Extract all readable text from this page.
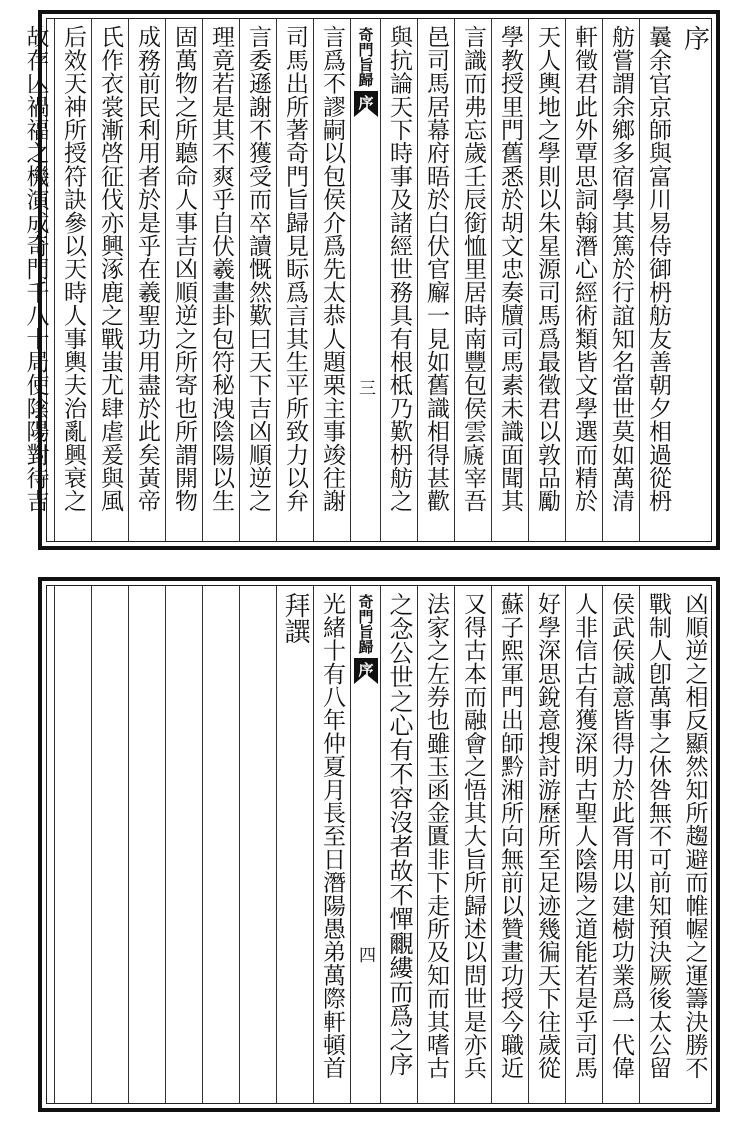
序
曩余官京師與富川易侍御枬舫友善朝夕相過從枬
舫嘗謂余鄉多宿學其篤於行誼知名當世莫如萬清
軒徵君此外覃思詞翰潛心經術類皆文學選而精於
天人輿地之學則以朱星源司馬爲最徵君以敦品勵
學教授里門舊悉於胡文忠奏牘司馬素未識面聞其
言識而弗忘歲壬辰銜恤里居時南豐包侯雲𢊀宰吾
邑司馬居幕府晤於白伏官廨一見如舊識相得甚歡
與抗論天下時事及諸經世務具有根柢乃歎枬舫之
奇門旨歸
序
三
言爲不謬嗣以包侯介爲先太恭人題栗主事竣往謝
司馬出所著奇門旨歸見眎爲言其生平所致力以弁
言委遜謝不獲受而卒讀慨然歎曰天下吉凶順逆之
理竟若是其不爽乎自伏羲畫卦包符秘洩陰陽以生
固萬物之所聽命人事吉凶順逆之所寄也所謂開物
成務前民利用者於是乎在羲聖功用盡於此矣黃帝
氏作衣裳漸啓征伐亦興涿鹿之戰蚩尤肆虐爰與風
后效天神所授符訣參以天時人事輿夫治亂興衰之
故存亾禍福之機演成奇門千八十局使陰陽對待吉
凶順逆之相反顯然知所趨避而帷幄之運籌決勝不
戰制人卽萬事之休咎無不可前知預決厥後太公留
侯武侯誠意皆得力於此胥用以建樹功業爲一代偉
人非信古有獲深明古聖人陰陽之道能若是乎司馬
好學深思銳意搜討游歷所至足迹幾徧天下往歲從
蘇子熙軍門出師黔湘所向無前以贊畫功授今職近
又得古本而融會之悟其大旨所歸述以問世是亦兵
法家之左券也雖玉函金匱非下走所及知而其嗜古
之念公世之心有不容沒者故不憚覼縷而爲之序
奇門旨歸
序
四
光緒十有八年仲夏月長至日潛陽愚弟萬際軒頓首
拜譔
